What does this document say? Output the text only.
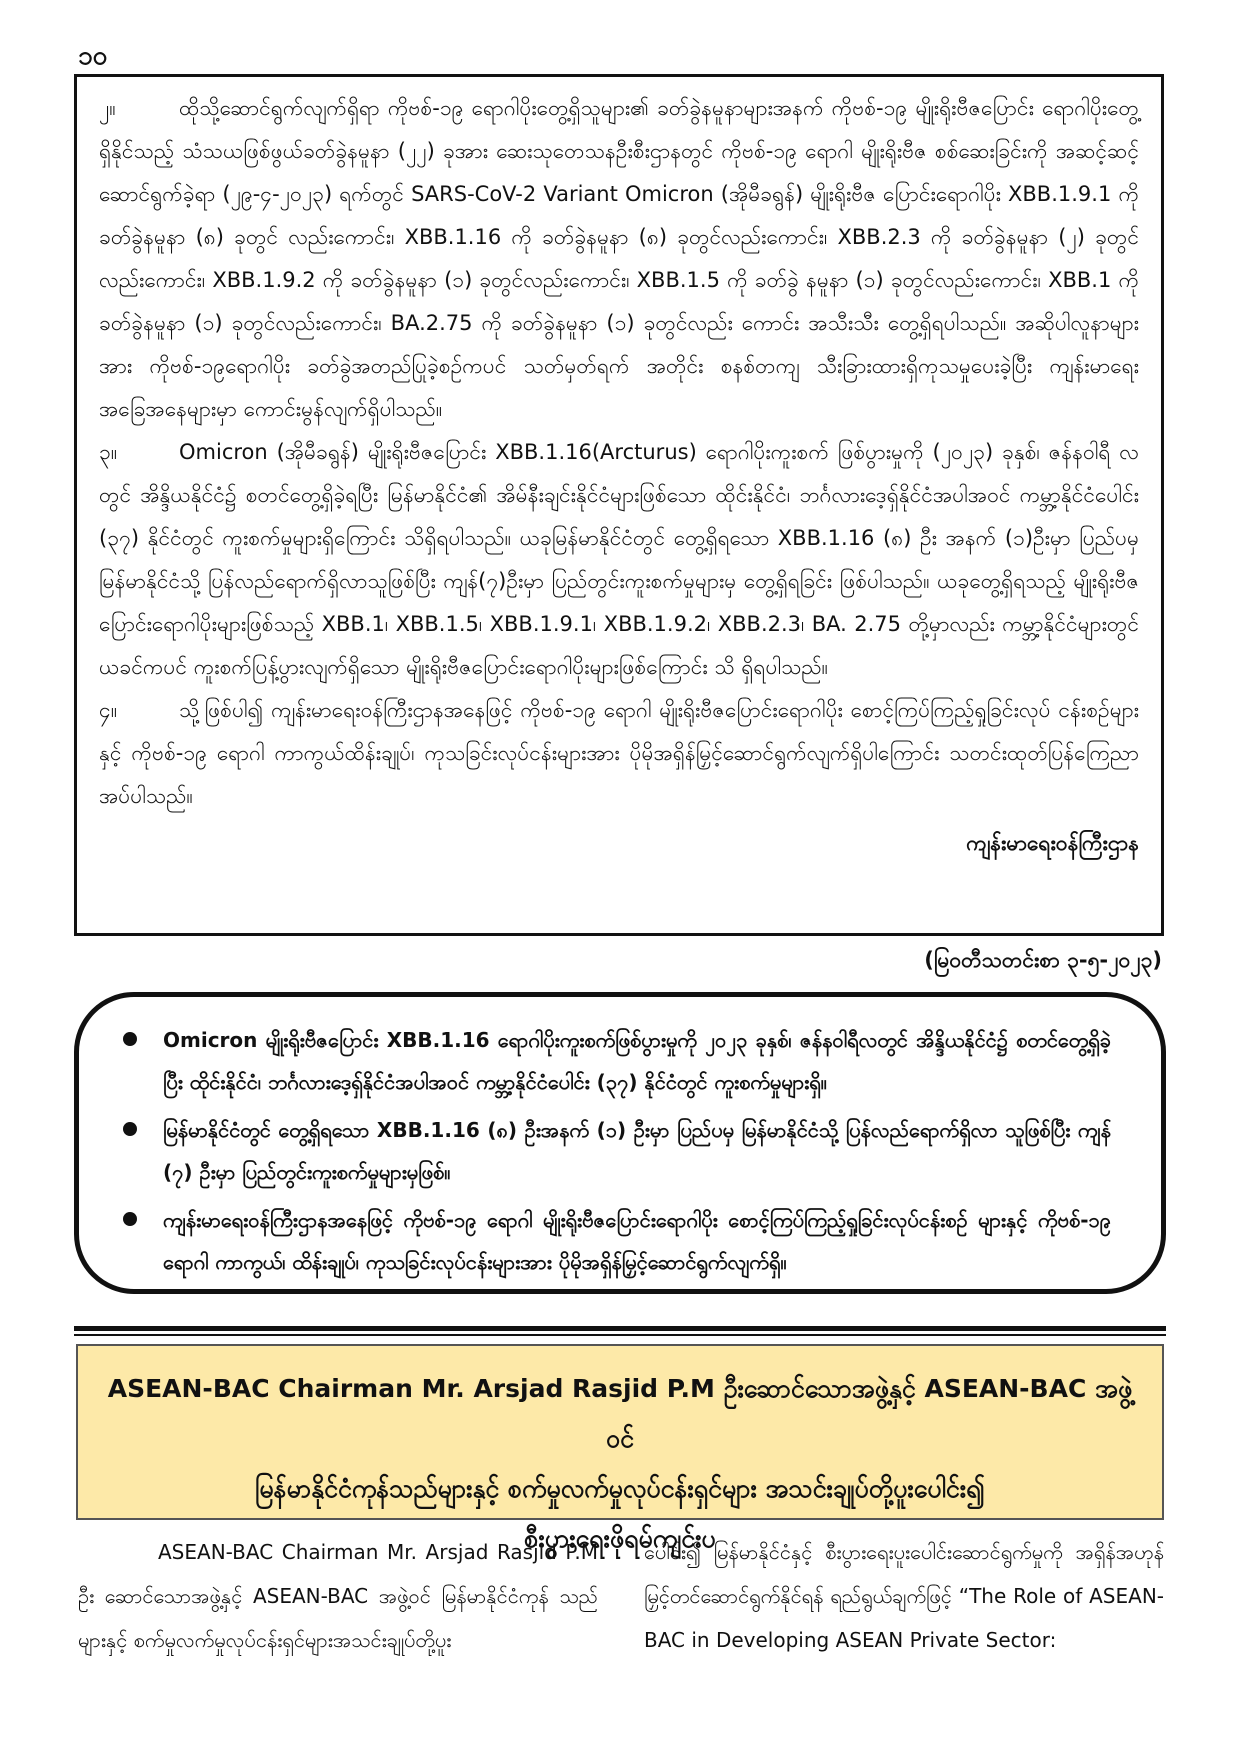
၁၀

၂။	ထိုသို့ဆောင်ရွက်လျက်ရှိရာ ကိုဗစ်-၁၉ ရောဂါပိုးတွေ့ရှိသူများ၏ ခတ်ခွဲနမူနာများအနက် ကိုဗစ်-၁၉ မျိုးရိုးဗီဇပြောင်း ရောဂါပိုးတွေ့ရှိနိုင်သည့် သံသယဖြစ်ဖွယ်ခတ်ခွဲနမူနာ (၂၂) ခုအား ဆေးသုတေသနဦးစီးဌာနတွင် ကိုဗစ်-၁၉ ရောဂါ မျိုးရိုးဗီဇ စစ်ဆေးခြင်းကို အဆင့်ဆင့်ဆောင်ရွက်ခဲ့ရာ (၂၉-၄-၂၀၂၃) ရက်တွင် SARS-CoV-2 Variant Omicron (အိုမီခရွန်) မျိုးရိုးဗီဇ ပြောင်းရောဂါပိုး XBB.1.9.1 ကို ခတ်ခွဲနမူနာ (၈) ခုတွင် လည်းကောင်း၊ XBB.1.16 ကို ခတ်ခွဲနမူနာ (၈) ခုတွင်လည်းကောင်း၊ XBB.2.3 ကို ခတ်ခွဲနမူနာ (၂) ခုတွင်လည်းကောင်း၊ XBB.1.9.2 ကို ခတ်ခွဲနမူနာ (၁) ခုတွင်လည်းကောင်း၊ XBB.1.5 ကို ခတ်ခွဲ နမူနာ (၁) ခုတွင်လည်းကောင်း၊ XBB.1 ကို ခတ်ခွဲနမူနာ (၁) ခုတွင်လည်းကောင်း၊ BA.2.75 ကို ခတ်ခွဲနမူနာ (၁) ခုတွင်လည်း ကောင်း အသီးသီး တွေ့ရှိရပါသည်။ အဆိုပါလူနာများအား ကိုဗစ်-၁၉ရောဂါပိုး ခတ်ခွဲအတည်ပြုခဲ့စဉ်ကပင် သတ်မှတ်ရက် အတိုင်း စနစ်တကျ သီးခြားထားရှိကုသမှုပေးခဲ့ပြီး ကျန်းမာရေးအခြေအနေများမှာ ကောင်းမွန်လျက်ရှိပါသည်။

၃။	Omicron (အိုမီခရွန်) မျိုးရိုးဗီဇပြောင်း XBB.1.16(Arcturus) ရောဂါပိုးကူးစက် ဖြစ်ပွားမှုကို (၂၀၂၃) ခုနှစ်၊ ဇန်နဝါရီ လတွင် အိန္ဒိယနိုင်ငံ၌ စတင်တွေ့ရှိခဲ့ရပြီး မြန်မာနိုင်ငံ၏ အိမ်နီးချင်းနိုင်ငံများဖြစ်သော ထိုင်းနိုင်ငံ၊ ဘင်္ဂလားဒေ့ရှ်နိုင်ငံအပါအဝင် ကမ္ဘာ့နိုင်ငံပေါင်း (၃၇) နိုင်ငံတွင် ကူးစက်မှုများရှိကြောင်း သိရှိရပါသည်။ ယခုမြန်မာနိုင်ငံတွင် တွေ့ရှိရသော XBB.1.16 (၈) ဦး အနက် (၁)ဦးမှာ ပြည်ပမှ မြန်မာနိုင်ငံသို့ ပြန်လည်ရောက်ရှိလာသူဖြစ်ပြီး ကျန်(၇)ဦးမှာ ပြည်တွင်းကူးစက်မှုများမှ တွေ့ရှိရခြင်း ဖြစ်ပါသည်။ ယခုတွေ့ရှိရသည့် မျိုးရိုးဗီဇပြောင်းရောဂါပိုးများဖြစ်သည့် XBB.1၊ XBB.1.5၊ XBB.1.9.1၊ XBB.1.9.2၊ XBB.2.3၊ BA. 2.75 တို့မှာလည်း ကမ္ဘာ့နိုင်ငံများတွင် ယခင်ကပင် ကူးစက်ပြန့်ပွားလျက်ရှိသော မျိုးရိုးဗီဇပြောင်းရောဂါပိုးများဖြစ်ကြောင်း သိ ရှိရပါသည်။

၄။	သို့ဖြစ်ပါ၍ ကျန်းမာရေးဝန်ကြီးဌာနအနေဖြင့် ကိုဗစ်-၁၉ ရောဂါ မျိုးရိုးဗီဇပြောင်းရောဂါပိုး စောင့်ကြပ်ကြည့်ရှုခြင်းလုပ် ငန်းစဉ်များနှင့် ကိုဗစ်-၁၉ ရောဂါ ကာကွယ်ထိန်းချုပ်၊ ကုသခြင်းလုပ်ငန်းများအား ပိုမိုအရှိန်မြှင့်ဆောင်ရွက်လျက်ရှိပါကြောင်း သတင်းထုတ်ပြန်ကြေညာအပ်ပါသည်။

ကျန်းမာရေးဝန်ကြီးဌာန
(မြဝတီသတင်းစာ ၃-၅-၂၀၂၃)
Omicron မျိုးရိုးဗီဇပြောင်း XBB.1.16 ရောဂါပိုးကူးစက်ဖြစ်ပွားမှုကို ၂၀၂၃ ခုနှစ်၊ ဇန်နဝါရီလတွင် အိန္ဒိယနိုင်ငံ၌ စတင်တွေ့ရှိခဲ့ပြီး ထိုင်းနိုင်ငံ၊ ဘင်္ဂလားဒေ့ရှ်နိုင်ငံအပါအဝင် ကမ္ဘာ့နိုင်ငံပေါင်း (၃၇) နိုင်ငံတွင် ကူးစက်မှုများရှိ။
မြန်မာနိုင်ငံတွင် တွေ့ရှိရသော XBB.1.16 (၈) ဦးအနက် (၁) ဦးမှာ ပြည်ပမှ မြန်မာနိုင်ငံသို့ ပြန်လည်ရောက်ရှိလာ သူဖြစ်ပြီး ကျန် (၇) ဦးမှာ ပြည်တွင်းကူးစက်မှုများမှဖြစ်။
ကျန်းမာရေးဝန်ကြီးဌာနအနေဖြင့် ကိုဗစ်-၁၉ ရောဂါ မျိုးရိုးဗီဇပြောင်းရောဂါပိုး စောင့်ကြပ်ကြည့်ရှုခြင်းလုပ်ငန်းစဉ် များနှင့် ကိုဗစ်-၁၉ ရောဂါ ကာကွယ်၊ ထိန်းချုပ်၊ ကုသခြင်းလုပ်ငန်းများအား ပိုမိုအရှိန်မြှင့်ဆောင်ရွက်လျက်ရှိ။

ASEAN-BAC Chairman Mr. Arsjad Rasjid P.M ဦးဆောင်သောအဖွဲ့နှင့် ASEAN-BAC အဖွဲ့ဝင်

မြန်မာနိုင်ငံကုန်သည်များနှင့် စက်မှုလက်မှုလုပ်ငန်းရှင်များ အသင်းချုပ်တို့ပူးပေါင်း၍

စီးပွားရေးဖိုရမ်ကျင်းပ

ASEAN-BAC Chairman Mr. Arsjad Rasjid P.M ဦး ဆောင်သောအဖွဲ့နှင့် ASEAN-BAC အဖွဲ့ဝင် မြန်မာနိုင်ငံကုန် သည်များနှင့် စက်မှုလက်မှုလုပ်ငန်းရှင်များအသင်းချုပ်တို့ပူး

ပေါင်း၍ မြန်မာနိုင်ငံနှင့် စီးပွားရေးပူးပေါင်းဆောင်ရွက်မှုကို အရှိန်အဟုန်မြှင့်တင်ဆောင်ရွက်နိုင်ရန် ရည်ရွယ်ချက်ဖြင့် “The Role of ASEAN-BAC in Developing ASEAN Private Sector:
